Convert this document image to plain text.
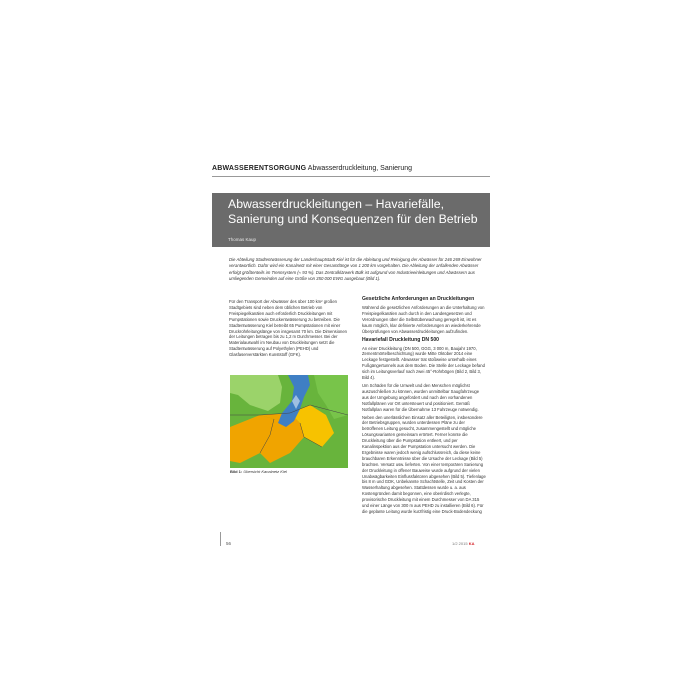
ABWASSERENTSORGUNG Abwasserdruckleitung, Sanierung
Abwasserdruckleitungen – Havariefälle, Sanierung und Konsequenzen für den Betrieb
Thomas Kaup
Die Abteilung Stadtentwässerung der Landeshauptstadt Kiel ist für die Ableitung und Reinigung der Abwässer für 246 269 Einwohner verantwortlich. Dafür wird ein Kanalnetz mit einer Gesamtlänge von 1 200 km vorgehalten. Die Ableitung der anfallenden Abwässer erfolgt größtenteils im Trennsystem (≈ 93 %). Das Zentralklärwerk Bülk ist aufgrund von Industrieeinleitungen und Abwässern aus umliegenden Gemeinden auf eine Größe von 350 000 EWG ausgebaut (Bild 1).

Für den Transport der Abwässer des über 100 km² großen Stadtgebiets sind neben dem üblichen Betrieb von Freispiegelkanälen auch erforderlich Druckleitungen mit Pumpstationen sowie Druckentwässerung zu betreiben. Die Stadtentwässerung Kiel betreibt 65 Pumpstationen mit einer Druckrohrleitungslänge von insgesamt 70 km. Die Dimensionen der Leitungen betragen bis zu 1,2 m Durchmesser. Bei der Materialauswahl im Neubau von Druckleitungen setzt die Stadtentwässerung auf Polyethylen (PEHD) und Glasfaserverstärkten Kunststoff (GFK).

Bild 1: Übersicht Kanalnetz Kiel

Gesetzliche Anforderungen an Druckleitungen

Während die gesetzlichen Anforderungen an die Unterhaltung von Freispiegelkanälen auch durch in den Landesgesetzen und Verordnungen über die Selbstüberwachung geregelt ist, ist es kaum möglich, klar definierte Anforderungen an wiederkehrende Überprüfungen von Abwasserdruckleitungen aufzufinden.

Havariefall Druckleitung DN 500

An einer Druckleitung (DN 500, GGG, 3 000 m, Baujahr 1970, Zementmörtelbeschichtung) wurde Mitte Oktober 2014 eine Leckage festgestellt. Abwasser trat stoßweise unterhalb eines Fußgängertunnels aus dem Boden. Die Stelle der Leckage befand sich im Leitungsverlauf nach zwei 45°-Rohrbögen (Bild 2, Bild 3, Bild 4).

Um Schäden für die Umwelt und den Menschen möglichst auszuschließen zu können, wurden unmittelbar Saugfahrzeuge aus der Umgebung angefordert und nach den vorhandenen Notfallplänen vor Ort untersteuert und positioniert. Gemäß Notfallplan waren für die Übernahme 13 Fahrzeuge notwendig.

Neben den unerlässlichen Einsatz aller Beteiligten, insbesondere der Betriebsgruppen, wurden unterdessen Pläne zu der betroffenen Leitung gesucht, zusammengestellt und mögliche Lösungsvarianten gemeinsam erörtert. Ferner konnte die Druckleitung über die Pumpstation entleert, und per Kanalinspektion aus der Pumpstation untersucht werden. Die Ergebnisse waren jedoch wenig aufschlussreich, da diese keine brauchbaren Erkenntnisse über die Ursache der Leckage (Bild 5) brachten. Versatz usw. lieferten. Von einer temporären Sanierung der Druckleitung in offener Bauweise wurde aufgrund der vielen Unabwägbarkeiten Einflussfaktoren abgesehen (Bild 5). Tiefenlage bis 8 m und GDK, Unbekannte Schachtstelle, Zeit und Kosten der Wasserhaltung abgesehen. Stattdessen wurde u. a. aus Kostengründen damit begonnen, eine oberirdisch verlegte, provisorische Druckleitung mit einem Durchmesser von DA 315 und einer Länge von 300 m aus PEHD zu installieren (Bild 6). Für die geplante Leitung wurde kurzfristig eine Druck-Bodendeckung

56	1/2 2015 KA
